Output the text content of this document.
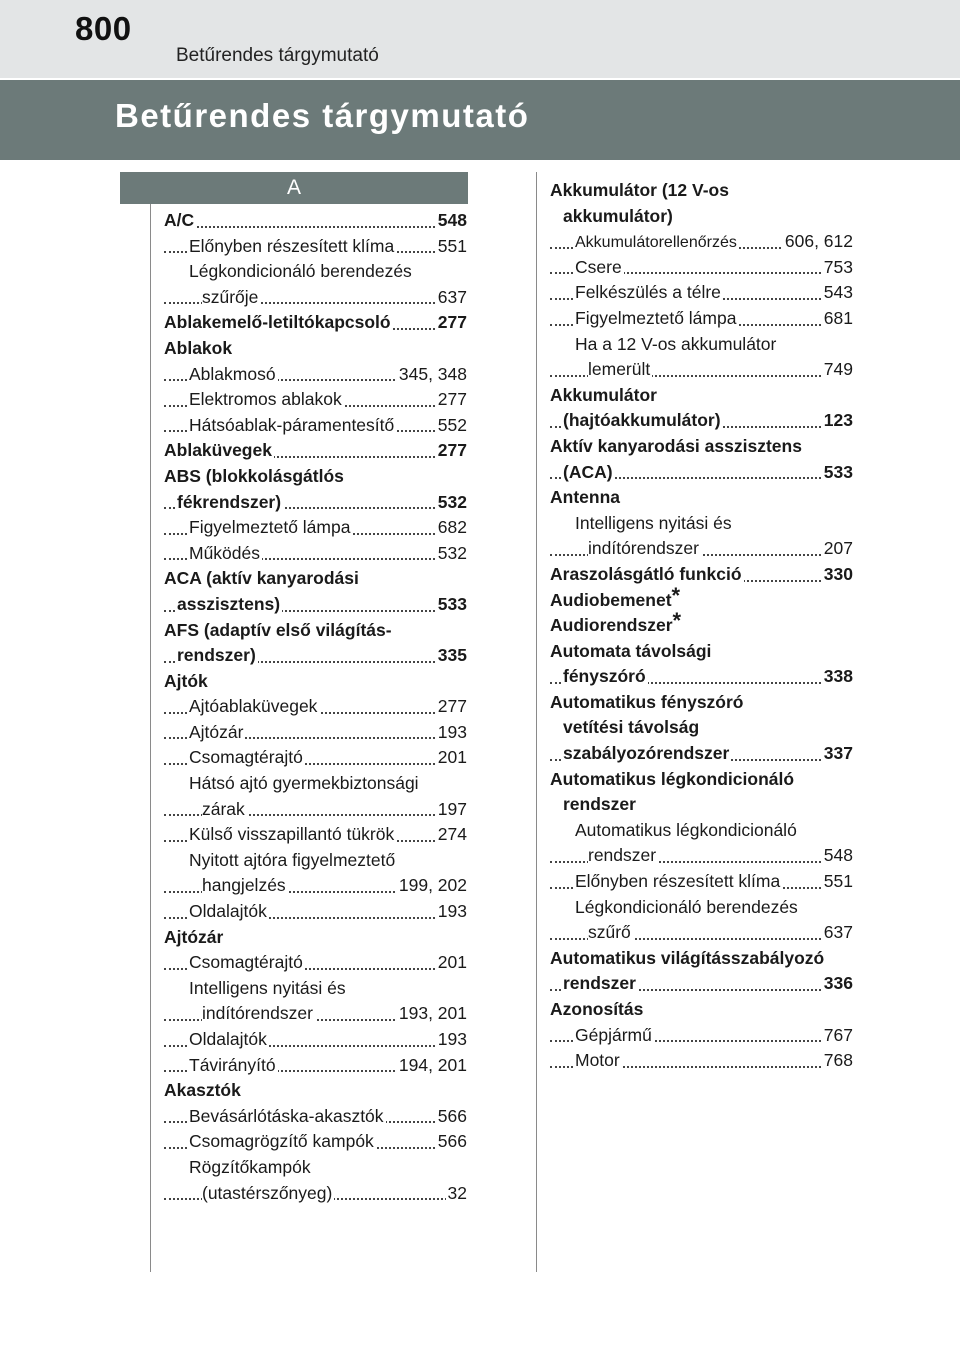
800
Betűrendes tárgymutató
Betűrendes tárgymutató
A
A/C	548
Előnyben részesített klíma 551
Légkondicionáló berendezés
szűrője	637
Ablakemelő-letiltókapcsoló	277
Ablakok
Ablakmosó	345, 348
Elektromos ablakok	277
Hátsóablak-páramentesítő 552
Ablaküvegek	277
ABS (blokkolásgátlós
fékrendszer)	532
Figyelmeztető lámpa	682
Működés	532
ACA (aktív kanyarodási
asszisztens)	533
AFS (adaptív első világítás-
rendszer)	335
Ajtók
Ajtóablaküvegek	277
Ajtózár	193
Csomagtérajtó	201
Hátsó ajtó gyermekbiztonsági
zárak	197
Külső visszapillantó tükrök 274
Nyitott ajtóra figyelmeztető
hangjelzés	199, 202
Oldalajtók	193
Ajtózár
Csomagtérajtó	201
Intelligens nyitási és
indítórendszer	193, 201
Oldalajtók	193
Távirányító	194, 201
Akasztók
Bevásárlótáska-akasztók	566
Csomagrögzítő kampók	566
Rögzítőkampók
(utastérszőnyeg)	32
Akkumulátor (12 V-os
akkumulátor)
Akkumulátorellenőrzés	606, 612
Csere	753
Felkészülés a télre	543
Figyelmeztető lámpa	681
Ha a 12 V-os akkumulátor
lemerült	749
Akkumulátor
(hajtóakkumulátor)	123
Aktív kanyarodási asszisztens
(ACA)	533
Antenna
Intelligens nyitási és
indítórendszer	207
Araszolásgátló funkció	330
Audiobemenet*
Audiorendszer*
Automata távolsági
fényszóró	338
Automatikus fényszóró
vetítési távolság
szabályozórendszer	337
Automatikus légkondicionáló
rendszer
Automatikus légkondicionáló
rendszer	548
Előnyben részesített klíma 551
Légkondicionáló berendezés
szűrő	637
Automatikus világításszabályozó
rendszer	336
Azonosítás
Gépjármű	767
Motor	768
